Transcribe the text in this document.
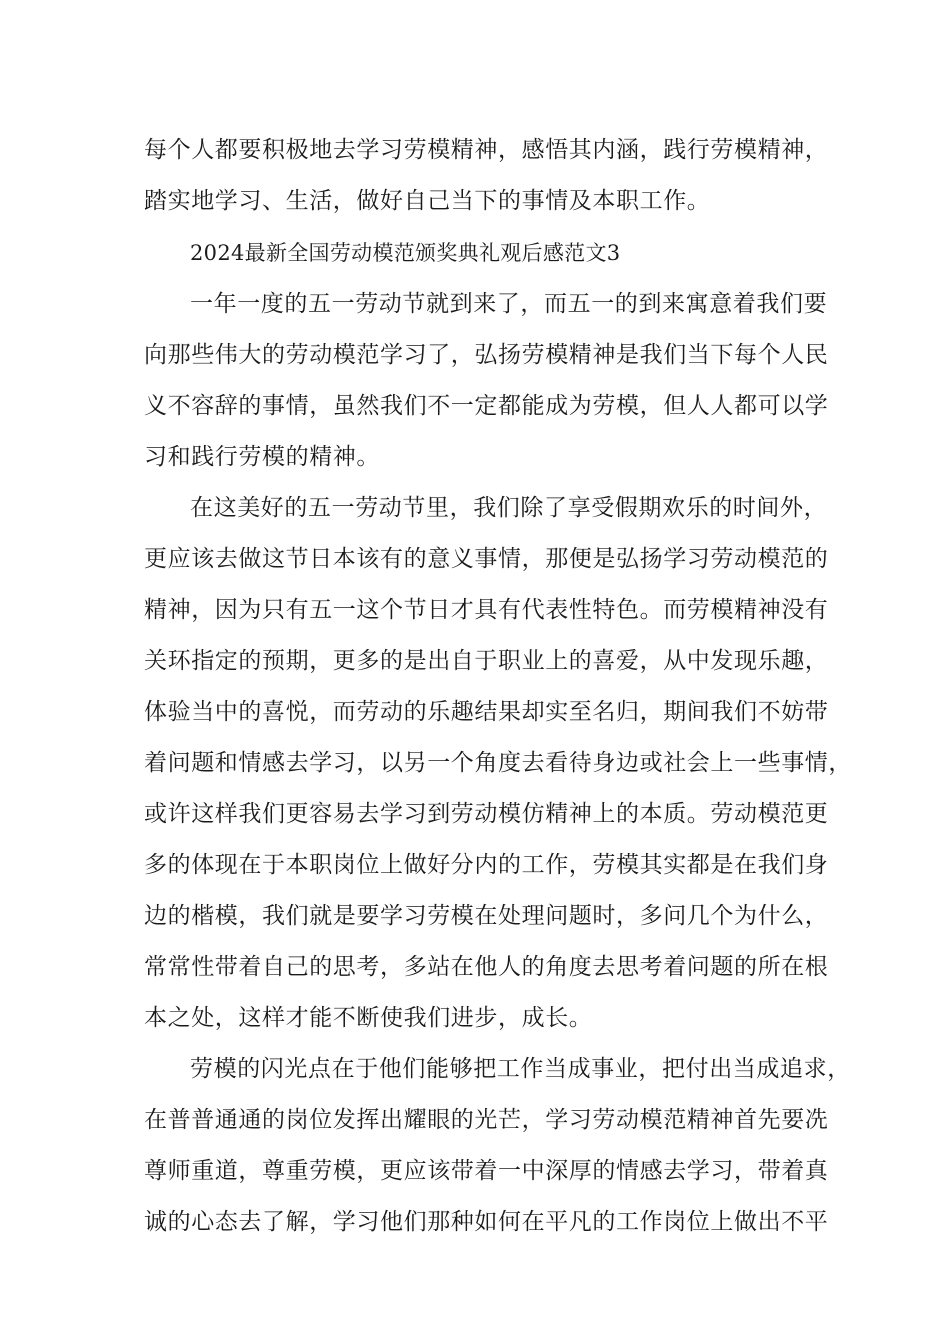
每个人都要积极地去学习劳模精神，感悟其内涵，践行劳模精神，
踏实地学习、生活，做好自己当下的事情及本职工作。
2024最新全国劳动模范颁奖典礼观后感范文3
一年一度的五一劳动节就到来了，而五一的到来寓意着我们要
向那些伟大的劳动模范学习了，弘扬劳模精神是我们当下每个人民
义不容辞的事情，虽然我们不一定都能成为劳模，但人人都可以学
习和践行劳模的精神。
在这美好的五一劳动节里，我们除了享受假期欢乐的时间外，
更应该去做这节日本该有的意义事情，那便是弘扬学习劳动模范的
精神，因为只有五一这个节日才具有代表性特色。而劳模精神没有
关环指定的预期，更多的是出自于职业上的喜爱，从中发现乐趣，
体验当中的喜悦，而劳动的乐趣结果却实至名归，期间我们不妨带
着问题和情感去学习，以另一个角度去看待身边或社会上一些事情，
或许这样我们更容易去学习到劳动模仿精神上的本质。劳动模范更
多的体现在于本职岗位上做好分内的工作，劳模其实都是在我们身
边的楷模，我们就是要学习劳模在处理问题时，多问几个为什么，
常常性带着自己的思考，多站在他人的角度去思考着问题的所在根
本之处，这样才能不断使我们进步，成长。
劳模的闪光点在于他们能够把工作当成事业，把付出当成追求，
在普普通通的岗位发挥出耀眼的光芒，学习劳动模范精神首先要冼
尊师重道，尊重劳模，更应该带着一中深厚的情感去学习，带着真
诚的心态去了解，学习他们那种如何在平凡的工作岗位上做出不平
